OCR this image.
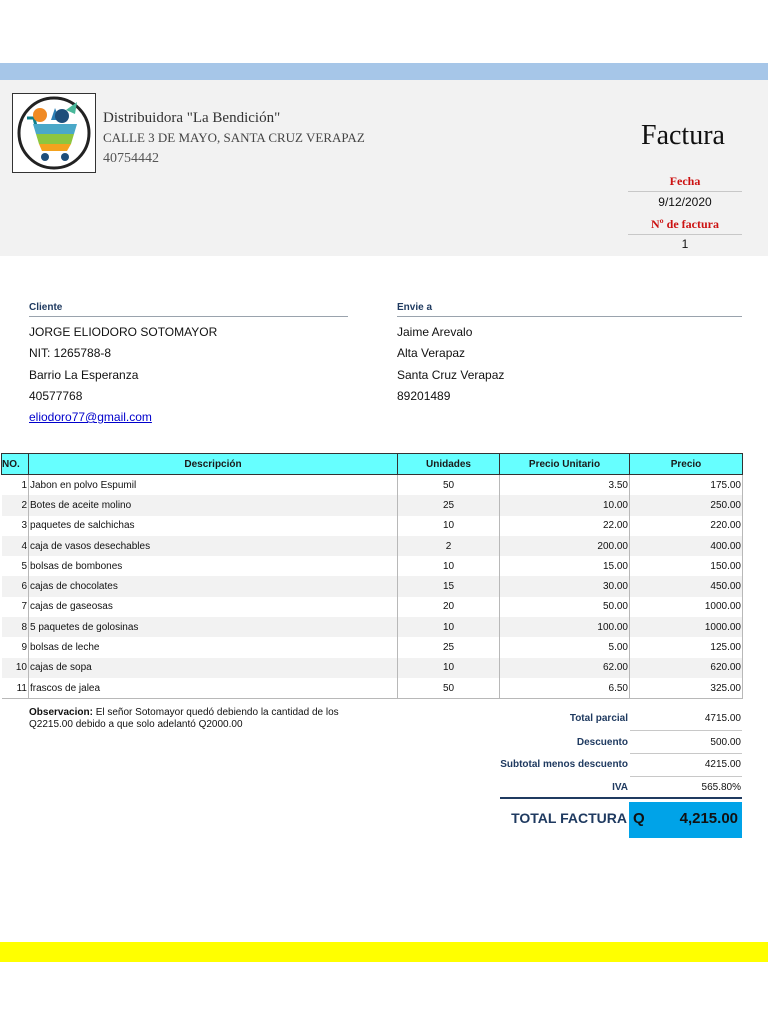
Distribuidora "La Bendición"
CALLE 3 DE MAYO, SANTA CRUZ VERAPAZ
40754442
Factura
Fecha
9/12/2020
Nº de factura
1
Cliente
JORGE ELIODORO SOTOMAYOR
NIT: 1265788-8
Barrio La Esperanza
40577768
eliodoro77@gmail.com
Envie a
Jaime Arevalo
Alta Verapaz
Santa Cruz Verapaz
89201489
NO.	Descripción	Unidades	Precio Unitario	Precio
1	Jabon en polvo Espumil	50	3.50	175.00
2	Botes de aceite molino	25	10.00	250.00
3	paquetes de salchichas	10	22.00	220.00
4	caja de vasos desechables	2	200.00	400.00
5	bolsas de bombones	10	15.00	150.00
6	cajas de chocolates	15	30.00	450.00
7	cajas de gaseosas	20	50.00	1000.00
8	5 paquetes de golosinas	10	100.00	1000.00
9	bolsas de leche	25	5.00	125.00
10	cajas de sopa	10	62.00	620.00
11	frascos de jalea	50	6.50	325.00
Observacion: El señor Sotomayor quedó debiendo la cantidad de los Q2215.00 debido a que solo adelantó Q2000.00
Total parcial	4715.00
Descuento	500.00
Subtotal menos descuento	4215.00
IVA	565.80%
TOTAL FACTURA Q	4,215.00
